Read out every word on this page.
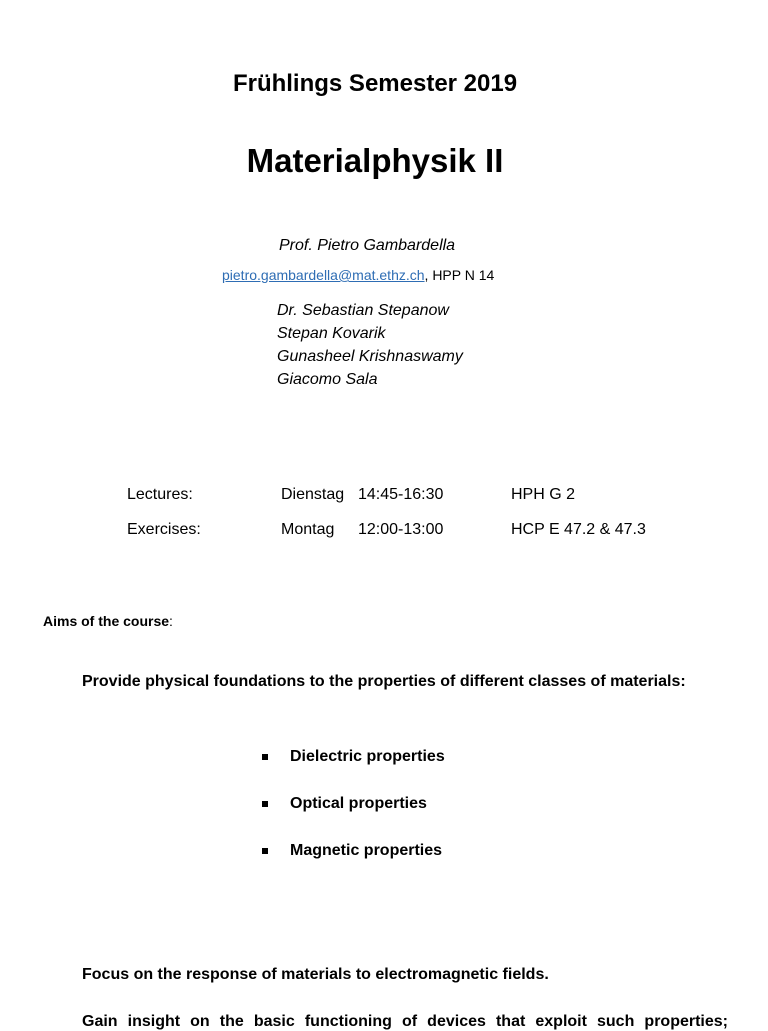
Frühlings Semester 2019
Materialphysik II
Prof. Pietro Gambardella
pietro.gambardella@mat.ethz.ch, HPP N 14
Dr. Sebastian Stepanow
Stepan Kovarik
Gunasheel Krishnaswamy
Giacomo Sala
Lectures:	Dienstag 14:45-16:30	HPH G 2
Exercises:	Montag 12:00-13:00	HCP E 47.2 & 47.3
Aims of the course:
Provide physical foundations to the properties of different classes of materials:
Dielectric properties
Optical properties
Magnetic properties
Focus on the response of materials to electromagnetic fields.
Gain insight on the basic functioning of devices that exploit such properties;
